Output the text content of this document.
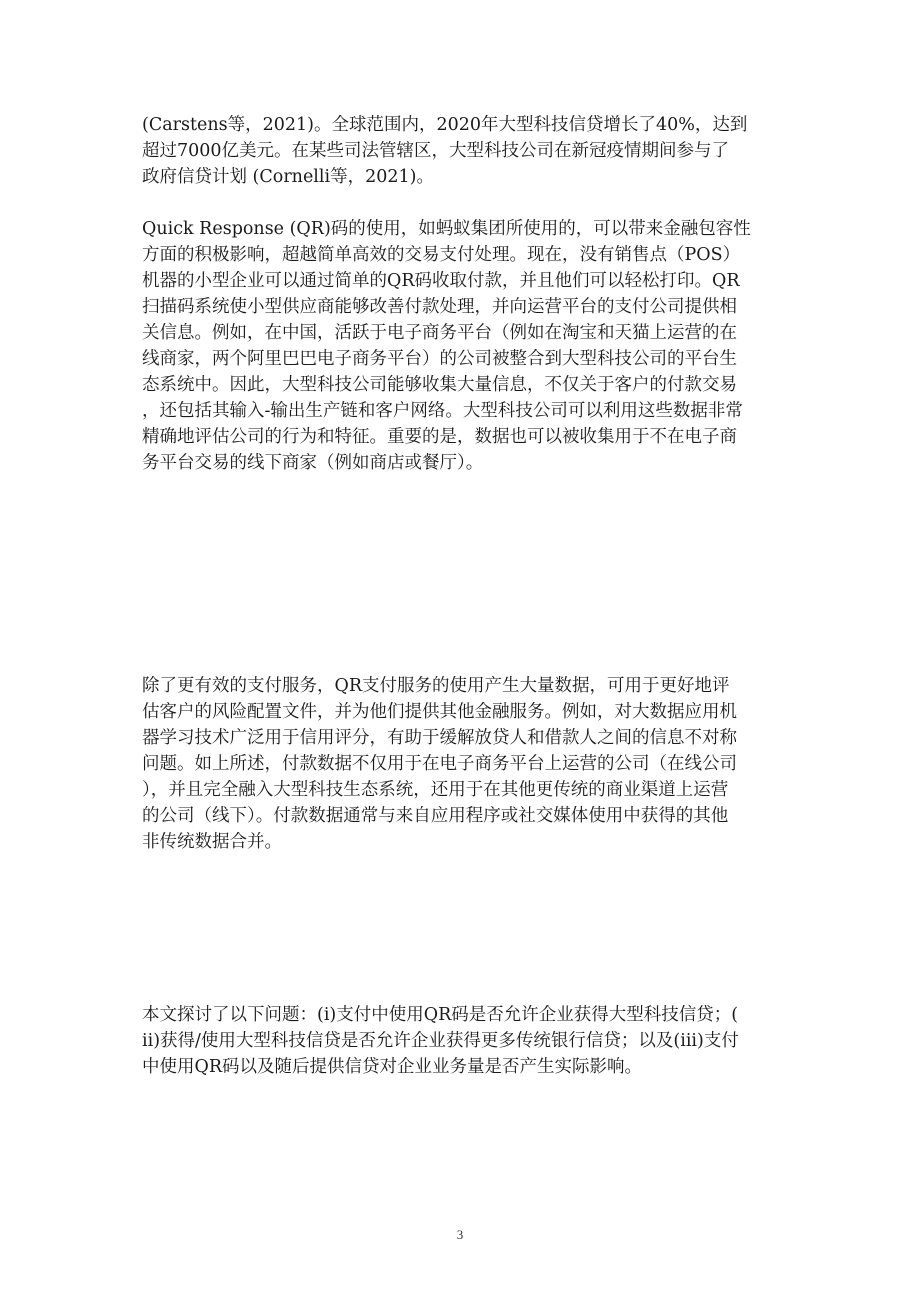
(Carstens等，2021)。全球范围内，2020年大型科技信贷增长了40%，达到
超过7000亿美元。在某些司法管辖区，大型科技公司在新冠疫情期间参与了
政府信贷计划 (Cornelli等，2021)。
Quick Response (QR)码的使用，如蚂蚁集团所使用的，可以带来金融包容性
方面的积极影响，超越简单高效的交易支付处理。现在，没有销售点（POS）
机器的小型企业可以通过简单的QR码收取付款，并且他们可以轻松打印。QR
扫描码系统使小型供应商能够改善付款处理，并向运营平台的支付公司提供相
关信息。例如，在中国，活跃于电子商务平台（例如在淘宝和天猫上运营的在
线商家，两个阿里巴巴电子商务平台）的公司被整合到大型科技公司的平台生
态系统中。因此，大型科技公司能够收集大量信息，不仅关于客户的付款交易
，还包括其输入-输出生产链和客户网络。大型科技公司可以利用这些数据非常
精确地评估公司的行为和特征。重要的是，数据也可以被收集用于不在电子商
务平台交易的线下商家（例如商店或餐厅）。
除了更有效的支付服务，QR支付服务的使用产生大量数据，可用于更好地评
估客户的风险配置文件，并为他们提供其他金融服务。例如，对大数据应用机
器学习技术广泛用于信用评分，有助于缓解放贷人和借款人之间的信息不对称
问题。如上所述，付款数据不仅用于在电子商务平台上运营的公司（在线公司
），并且完全融入大型科技生态系统，还用于在其他更传统的商业渠道上运营
的公司（线下）。付款数据通常与来自应用程序或社交媒体使用中获得的其他
非传统数据合并。
本文探讨了以下问题：(i)支付中使用QR码是否允许企业获得大型科技信贷；(
ii)获得/使用大型科技信贷是否允许企业获得更多传统银行信贷；以及(iii)支付
中使用QR码以及随后提供信贷对企业业务量是否产生实际影响。
3
